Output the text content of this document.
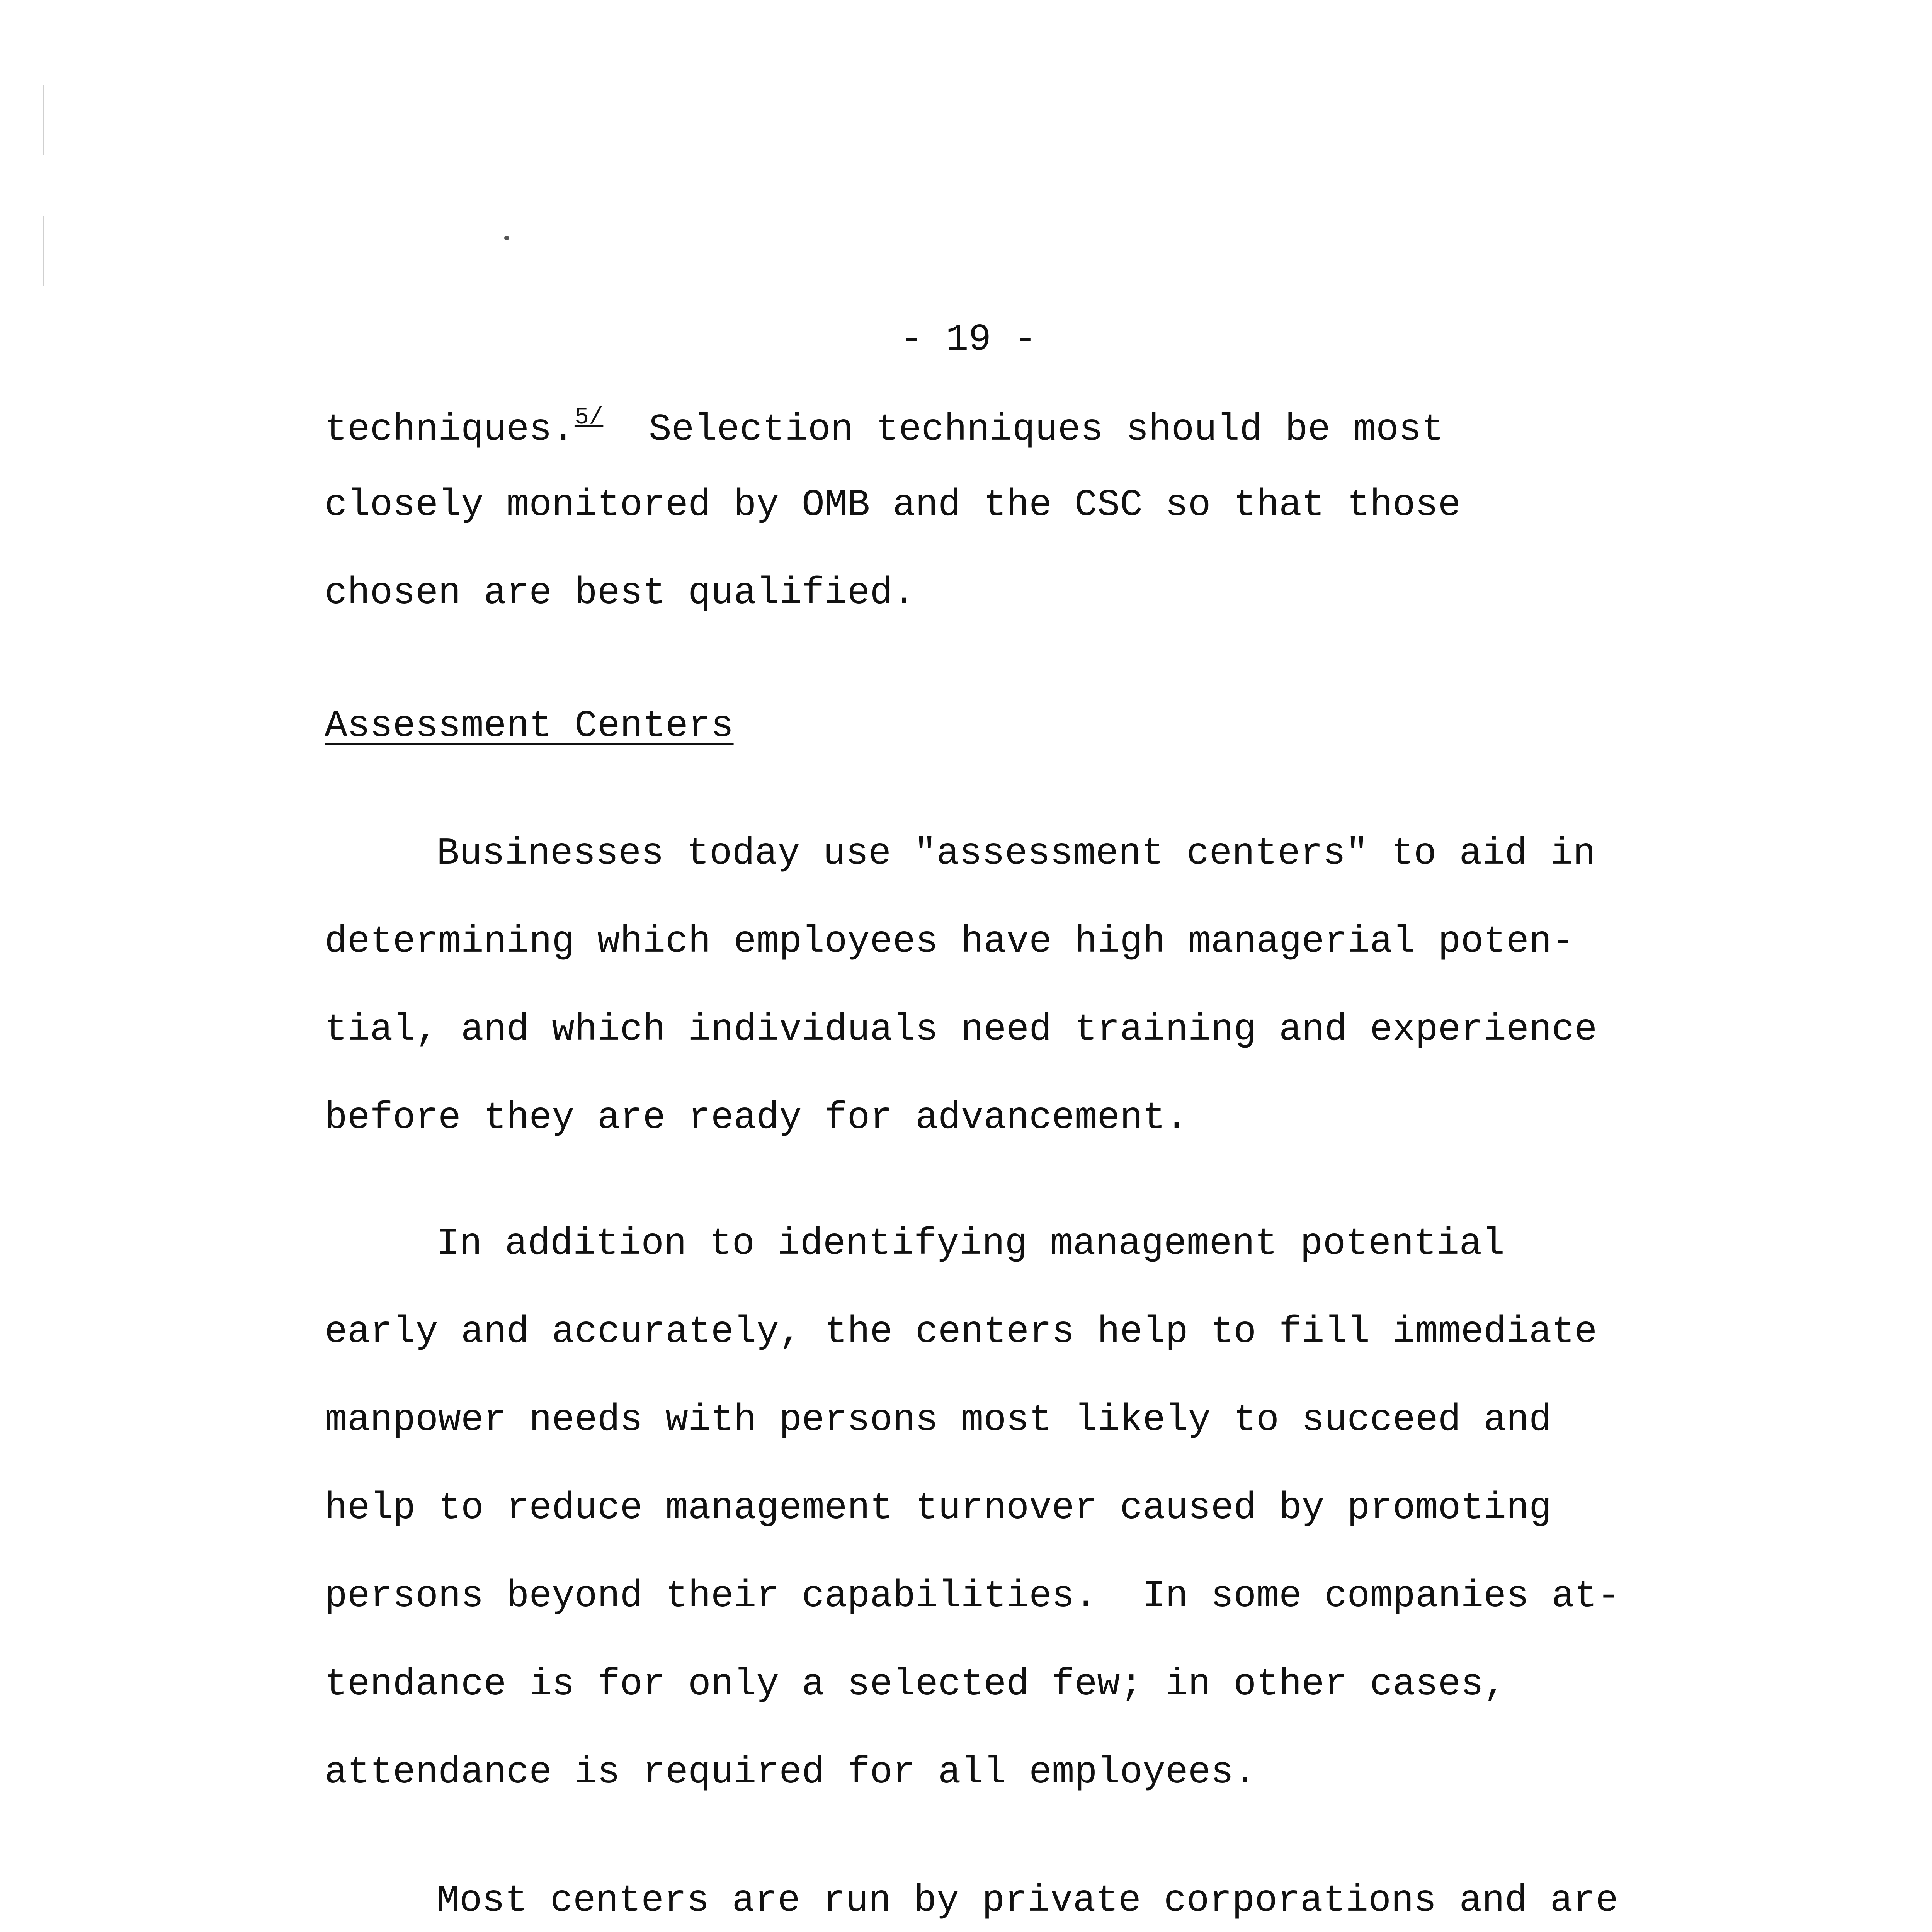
- 19 -
techniques.$^{5/}$  Selection techniques should be most
closely monitored by OMB and the CSC so that those
chosen are best qualified.
Assessment Centers
Businesses today use "assessment centers" to aid in
determining which employees have high managerial poten-
tial, and which individuals need training and experience
before they are ready for advancement.
In addition to identifying management potential
early and accurately, the centers help to fill immediate
manpower needs with persons most likely to succeed and
help to reduce management turnover caused by promoting
persons beyond their capabilities.  In some companies at-
tendance is for only a selected few; in other cases,
attendance is required for all employees.
Most centers are run by private corporations and are
